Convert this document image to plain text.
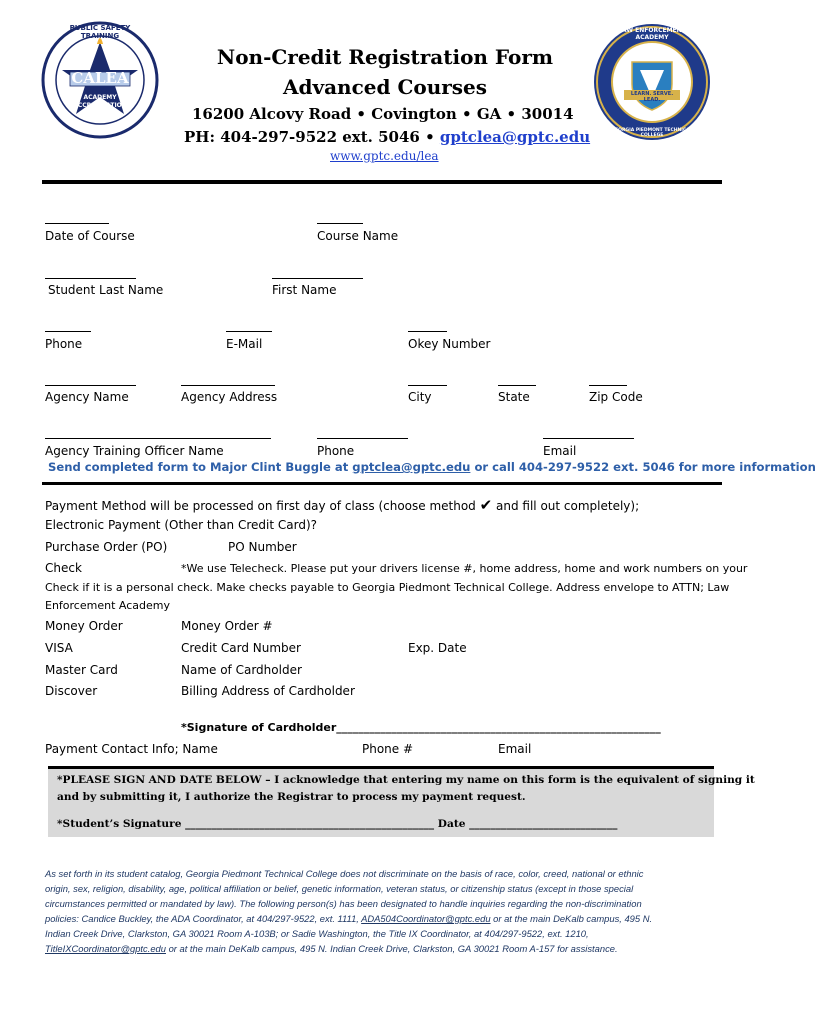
CALEA
ACADEMY ACCREDITATION
PUBLIC SAFETY TRAINING
LEARN. SERVE. LEAD.
LAW ENFORCEMENT ACADEMY
GEORGIA PIEDMONT TECHNICAL COLLEGE
Non-Credit Registration Form
Advanced Courses
16200 Alcovy Road • Covington • GA • 30014
PH: 404-297-9522 ext. 5046 • gptclea@gptc.edu
www.gptc.edu/lea
Date of Course	Course Name
Student Last Name	First Name
Phone	E-Mail	Okey Number
Agency Name	Agency Address	City	State	Zip Code
Agency Training Officer Name	Phone	Email
Send completed form to Major Clint Buggle at gptclea@gptc.edu or call 404-297-9522 ext. 5046 for more information
Payment Method will be processed on first day of class (choose method ✔ and fill out completely);
Electronic Payment (Other than Credit Card)?
Purchase Order (PO)	PO Number
Check	*We use Telecheck. Please put your drivers license #, home address, home and work numbers on your
Check if it is a personal check. Make checks payable to Georgia Piedmont Technical College. Address envelope to ATTN; Law
Enforcement Academy
Money Order	Money Order #
VISA	Credit Card Number	Exp. Date
Master Card	Name of Cardholder
Discover	Billing Address of Cardholder
*Signature of Cardholder___________________________________________________________
Payment Contact Info; Name	Phone #	Email
*PLEASE SIGN AND DATE BELOW – I acknowledge that entering my name on this form is the equivalent of signing it
and by submitting it, I authorize the Registrar to process my payment request.
*Student’s Signature _______________________________________________ Date ____________________________
As set forth in its student catalog, Georgia Piedmont Technical College does not discriminate on the basis of race, color, creed, national or ethnic
origin, sex, religion, disability, age, political affiliation or belief, genetic information, veteran status, or citizenship status (except in those special
circumstances permitted or mandated by law). The following person(s) has been designated to handle inquiries regarding the non-discrimination
policies: Candice Buckley, the ADA Coordinator, at 404/297-9522, ext. 1111, ADA504Coordinator@gptc.edu or at the main DeKalb campus, 495 N.
Indian Creek Drive, Clarkston, GA 30021 Room A-103B; or Sadie Washington, the Title IX Coordinator, at 404/297-9522, ext. 1210,
TitleIXCoordinator@gptc.edu or at the main DeKalb campus, 495 N. Indian Creek Drive, Clarkston, GA 30021 Room A-157 for assistance.
